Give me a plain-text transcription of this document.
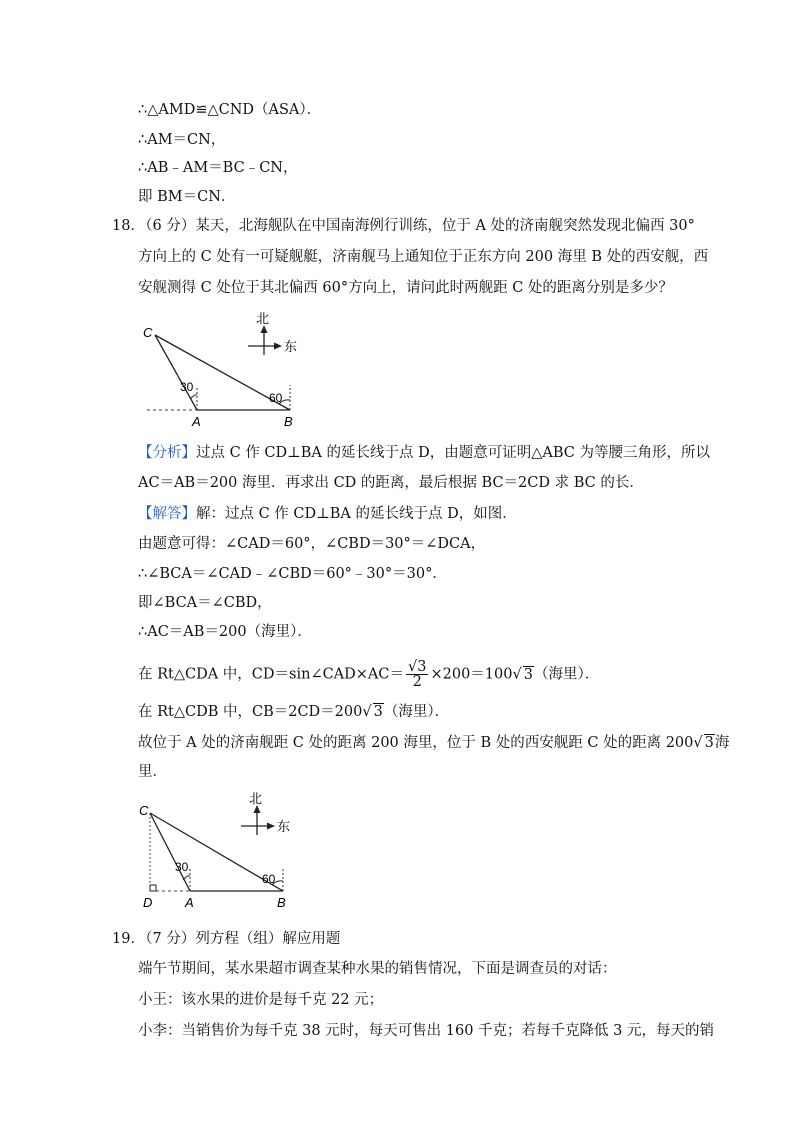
∴△AMD≌△CND（ASA）．
∴AM＝CN，
∴AB﹣AM＝BC﹣CN，
即 BM＝CN．
18．
（6 分）某天，北海舰队在中国南海例行训练，位于 A 处的济南舰突然发现北偏西 30°
方向上的 C 处有一可疑舰艇，济南舰马上通知位于正东方向 200 海里 B 处的西安舰，西
安舰测得 C 处位于其北偏西 60°方向上，请问此时两舰距 C 处的距离分别是多少？
C
A	B
30
60
北
东
【分析】过点 C 作 CD⊥BA 的延长线于点 D，由题意可证明△ABC 为等腰三角形，所以
AC＝AB＝200 海里．再求出 CD 的距离，最后根据 BC＝2CD 求 BC 的长．
【解答】解：过点 C 作 CD⊥BA 的延长线于点 D，如图．
由题意可得：∠CAD＝60°，∠CBD＝30°＝∠DCA，
∴∠BCA＝∠CAD﹣∠CBD＝60°﹣30°＝30°．
即∠BCA＝∠CBD，
∴AC＝AB＝200（海里）．
在 Rt△CDA 中，CD＝sin∠CAD×AC＝ $\frac{√3}{2} \times 200=100√$ 3（海里）．
在 Rt△CDB 中，CB＝2CD＝200√ 3（海里）．
故位于 A 处的济南舰距 C 处的距离 200 海里，位于 B 处的西安舰距 C 处的距离 200√ 3海
里．
C
D	A	B
30
60
北
东
19．
（7 分）列方程（组）解应用题
端午节期间，某水果超市调查某种水果的销售情况，下面是调查员的对话：
小王：该水果的进价是每千克 22 元；
小李：当销售价为每千克 38 元时，每天可售出 160 千克；若每千克降低 3 元，每天的销
